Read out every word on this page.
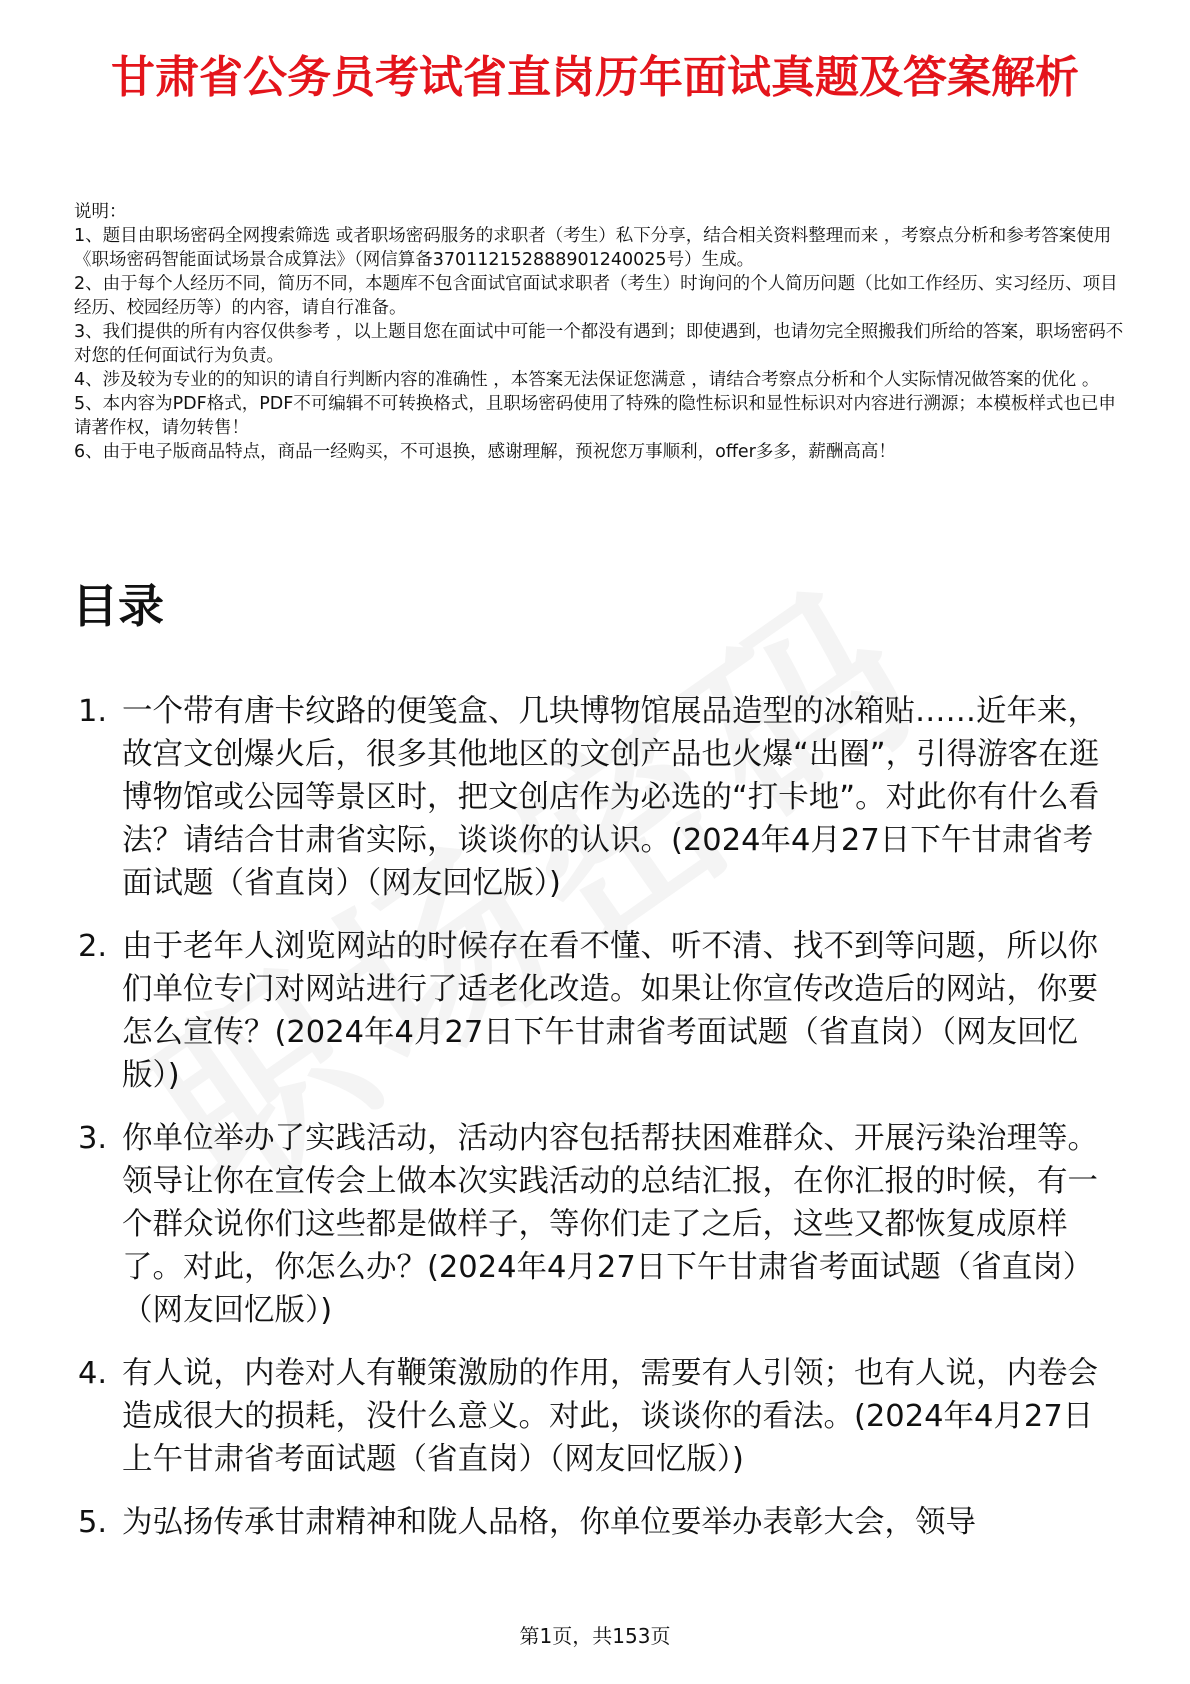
甘肃省公务员考试省直岗历年面试真题及答案解析

说明：

1、题目由职场密码全网搜索筛选 或者职场密码服务的求职者（考生）私下分享，结合相关资料整理而来 ，考察点分析和参考答案使用《职场密码智能面试场景合成算法》（网信算备370112152888901240025号）生成。

2、由于每个人经历不同，简历不同，本题库不包含面试官面试求职者（考生）时询问的个人简历问题（比如工作经历、实习经历、项目经历、校园经历等）的内容，请自行准备。

3、我们提供的所有内容仅供参考 ，以上题目您在面试中可能一个都没有遇到；即使遇到，也请勿完全照搬我们所给的答案，职场密码不对您的任何面试行为负责。

4、涉及较为专业的的知识的请自行判断内容的准确性 ，本答案无法保证您满意 ，请结合考察点分析和个人实际情况做答案的优化 。

5、本内容为PDF格式，PDF不可编辑不可转换格式，且职场密码使用了特殊的隐性标识和显性标识对内容进行溯源；本模板样式也已申请著作权，请勿转售！

6、由于电子版商品特点，商品一经购买，不可退换，感谢理解，预祝您万事顺利，offer多多，薪酬高高！

目录
1. 一个带有唐卡纹路的便笺盒、几块博物馆展品造型的冰箱贴……近年来，故宫文创爆火后，很多其他地区的文创产品也火爆“出圈”，引得游客在逛博物馆或公园等景区时，把文创店作为必选的“打卡地”。对此你有什么看法？请结合甘肃省实际，谈谈你的认识。(2024年4月27日下午甘肃省考面试题（省直岗）（网友回忆版）)
2. 由于老年人浏览网站的时候存在看不懂、听不清、找不到等问题，所以你们单位专门对网站进行了适老化改造。如果让你宣传改造后的网站，你要怎么宣传？(2024年4月27日下午甘肃省考面试题（省直岗）（网友回忆版）)
3. 你单位举办了实践活动，活动内容包括帮扶困难群众、开展污染治理等。领导让你在宣传会上做本次实践活动的总结汇报，在你汇报的时候，有一个群众说你们这些都是做样子，等你们走了之后，这些又都恢复成原样了。对此，你怎么办？(2024年4月27日下午甘肃省考面试题（省直岗）（网友回忆版）)
4. 有人说，内卷对人有鞭策激励的作用，需要有人引领；也有人说，内卷会造成很大的损耗，没什么意义。对此，谈谈你的看法。(2024年4月27日上午甘肃省考面试题（省直岗）（网友回忆版）)
5. 为弘扬传承甘肃精神和陇人品格，你单位要举办表彰大会，领导
第1页，共153页
